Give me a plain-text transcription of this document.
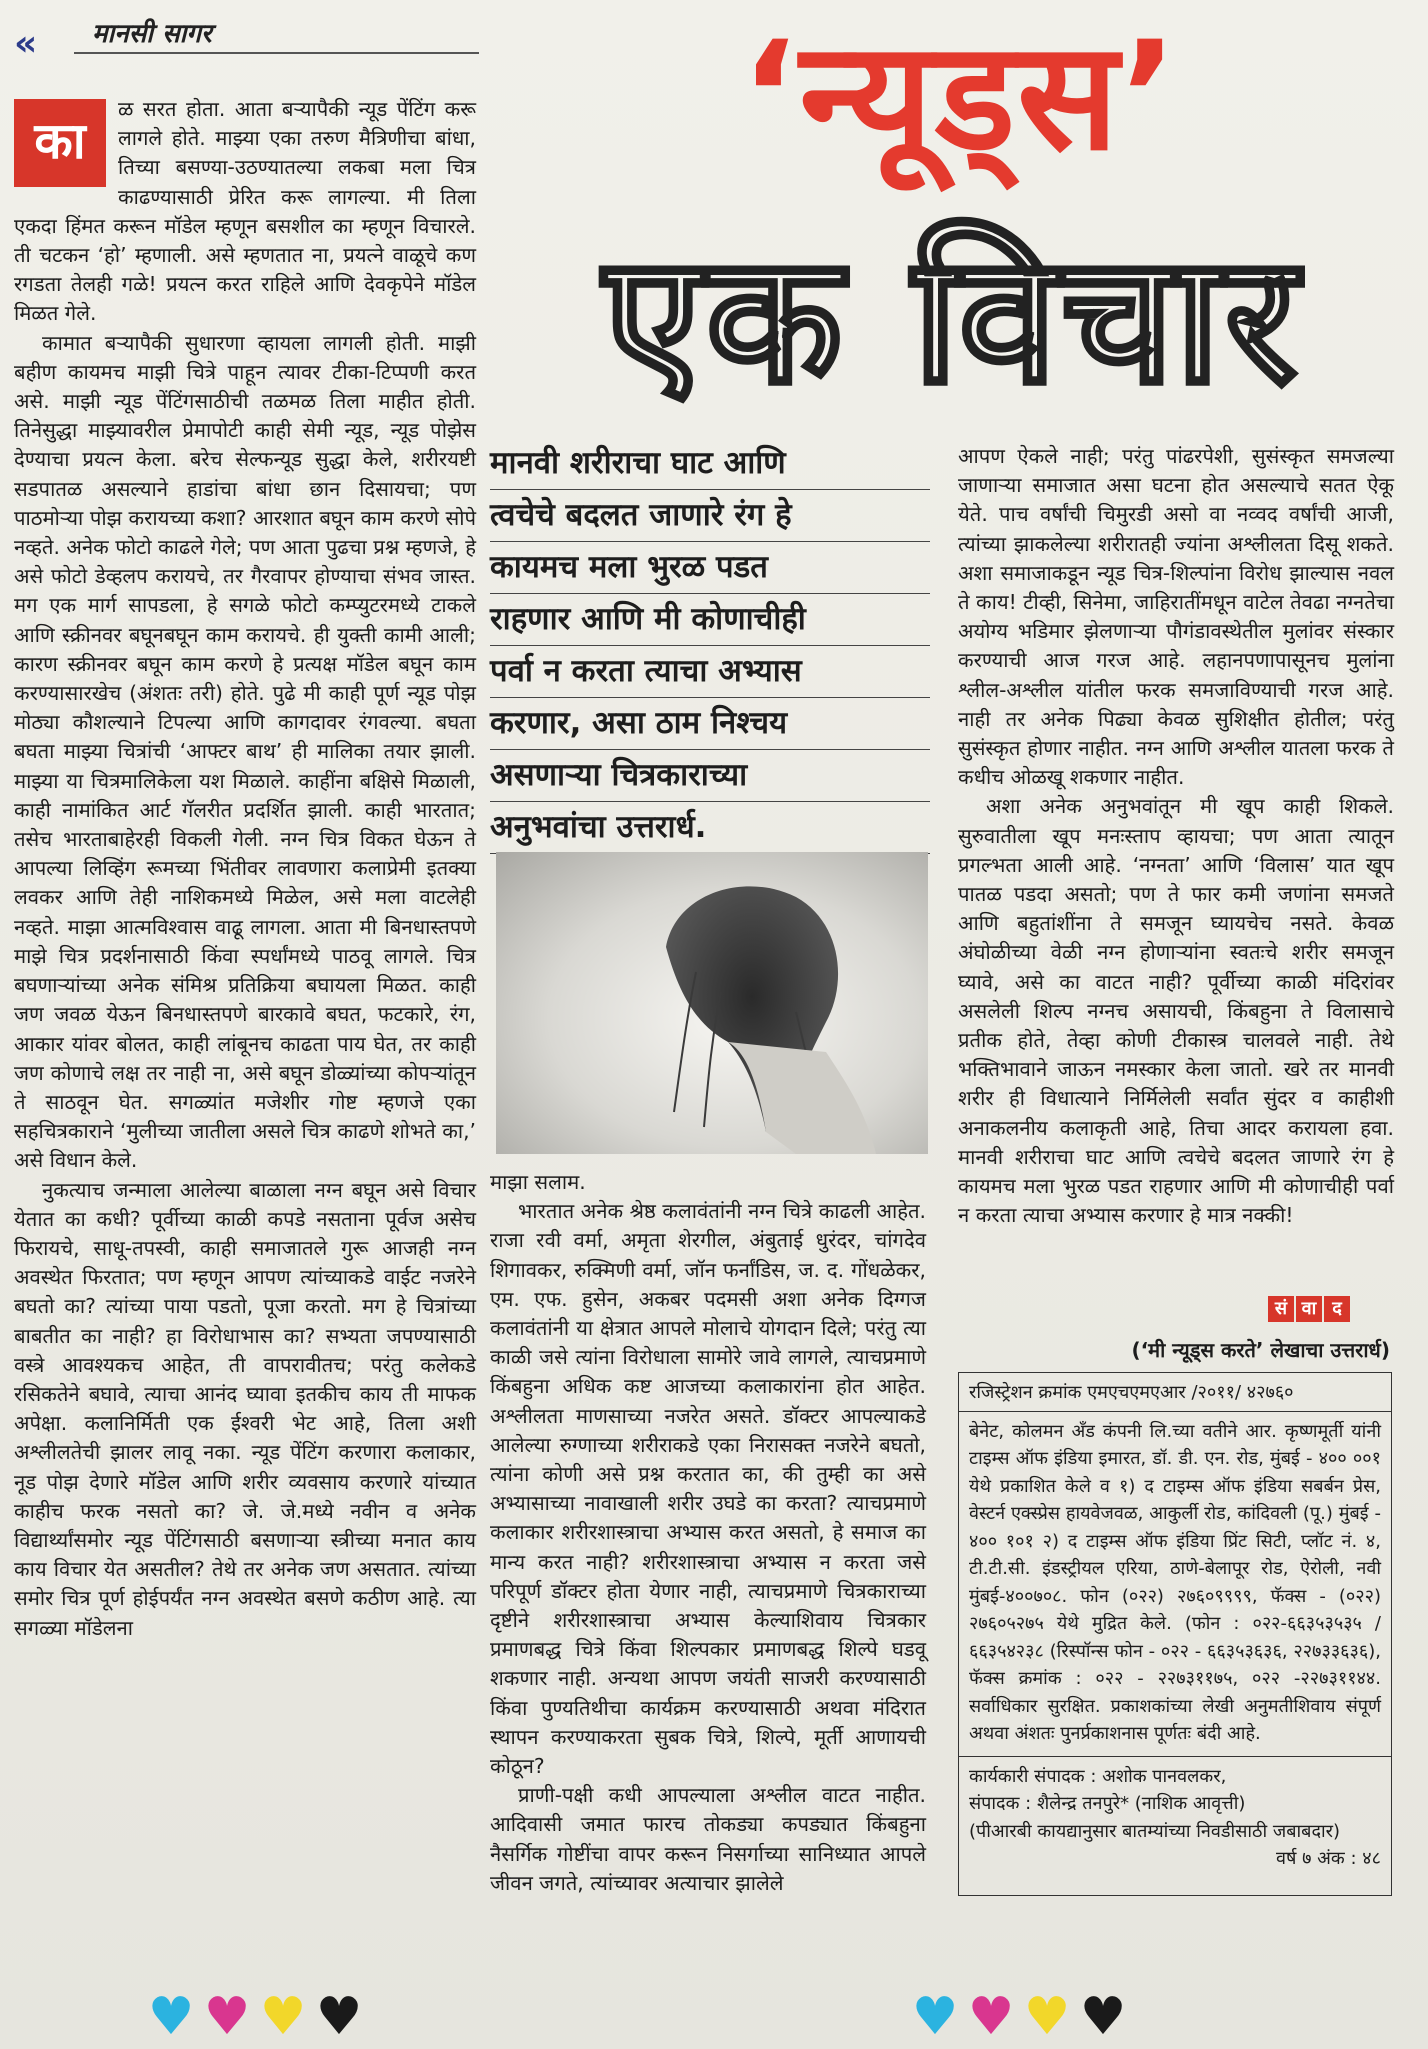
« मानसी सागर	‘न्यूड्स’
एक विचार
का

ळ सरत होता. आता बऱ्यापैकी न्यूड पेंटिंग करू लागले होते. माझ्या एका तरुण मैत्रिणीचा बांधा, तिच्या बसण्या-उठण्यातल्या लकबा मला चित्र काढण्यासाठी प्रेरित करू लागल्या. मी तिला एकदा हिंमत करून मॉडेल म्हणून बसशील का म्हणून विचारले. ती चटकन ‘हो’ म्हणाली. असे म्हणतात ना, प्रयत्ने वाळूचे कण रगडता तेलही गळे! प्रयत्न करत राहिले आणि देवकृपेने मॉडेल मिळत गेले.

कामात बऱ्यापैकी सुधारणा व्हायला लागली होती. माझी बहीण कायमच माझी चित्रे पाहून त्यावर टीका-टिप्पणी करत असे. माझी न्यूड पेंटिंगसाठीची तळमळ तिला माहीत होती. तिनेसुद्धा माझ्यावरील प्रेमापोटी काही सेमी न्यूड, न्यूड पोझेस देण्याचा प्रयत्न केला. बरेच सेल्फन्यूड सुद्धा केले, शरीरयष्टी सडपातळ असल्याने हाडांचा बांधा छान दिसायचा; पण पाठमोऱ्या पोझ करायच्या कशा? आरशात बघून काम करणे सोपे नव्हते. अनेक फोटो काढले गेले; पण आता पुढचा प्रश्न म्हणजे, हे असे फोटो डेव्हलप करायचे, तर गैरवापर होण्याचा संभव जास्त. मग एक मार्ग सापडला, हे सगळे फोटो कम्प्युटरमध्ये टाकले आणि स्क्रीनवर बघूनबघून काम करायचे. ही युक्ती कामी आली; कारण स्क्रीनवर बघून काम करणे हे प्रत्यक्ष मॉडेल बघून काम करण्यासारखेच (अंशतः तरी) होते. पुढे मी काही पूर्ण न्यूड पोझ मोठ्या कौशल्याने टिपल्या आणि कागदावर रंगवल्या. बघता बघता माझ्या चित्रांची ‘आफ्टर बाथ’ ही मालिका तयार झाली. माझ्या या चित्रमालिकेला यश मिळाले. काहींना बक्षिसे मिळाली, काही नामांकित आर्ट गॅलरीत प्रदर्शित झाली. काही भारतात; तसेच भारताबाहेरही विकली गेली. नग्न चित्र विकत घेऊन ते आपल्या लिव्हिंग रूमच्या भिंतीवर लावणारा कलाप्रेमी इतक्या लवकर आणि तेही नाशिकमध्ये मिळेल, असे मला वाटलेही नव्हते. माझा आत्मविश्वास वाढू लागला. आता मी बिनधास्तपणे माझे चित्र प्रदर्शनासाठी किंवा स्पर्धांमध्ये पाठवू लागले. चित्र बघणाऱ्यांच्या अनेक संमिश्र प्रतिक्रिया बघायला मिळत. काही जण जवळ येऊन बिनधास्तपणे बारकावे बघत, फटकारे, रंग, आकार यांवर बोलत, काही लांबूनच काढता पाय घेत, तर काही जण कोणाचे लक्ष तर नाही ना, असे बघून डोळ्यांच्या कोपऱ्यांतून ते साठवून घेत. सगळ्यांत मजेशीर गोष्ट म्हणजे एका सहचित्रकाराने ‘मुलीच्या जातीला असले चित्र काढणे शोभते का,’ असे विधान केले.

नुकत्याच जन्माला आलेल्या बाळाला नग्न बघून असे विचार येतात का कधी? पूर्वीच्या काळी कपडे नसताना पूर्वज असेच फिरायचे, साधू-तपस्वी, काही समाजातले गुरू आजही नग्न अवस्थेत फिरतात; पण म्हणून आपण त्यांच्याकडे वाईट नजरेने बघतो का? त्यांच्या पाया पडतो, पूजा करतो. मग हे चित्रांच्या बाबतीत का नाही? हा विरोधाभास का? सभ्यता जपण्यासाठी वस्त्रे आवश्यकच आहेत, ती वापरावीतच; परंतु कलेकडे रसिकतेने बघावे, त्याचा आनंद घ्यावा इतकीच काय ती माफक अपेक्षा. कलानिर्मिती एक ईश्वरी भेट आहे, तिला अशी अश्लीलतेची झालर लावू नका. न्यूड पेंटिंग करणारा कलाकार, नूड पोझ देणारे मॉडेल आणि शरीर व्यवसाय करणारे यांच्यात काहीच फरक नसतो का? जे. जे.मध्ये नवीन व अनेक विद्यार्थ्यांसमोर न्यूड पेंटिंगसाठी बसणाऱ्या स्त्रीच्या मनात काय काय विचार येत असतील? तेथे तर अनेक जण असतात. त्यांच्या समोर चित्र पूर्ण होईपर्यंत नग्न अवस्थेत बसणे कठीण आहे. त्या सगळ्या मॉडेलना

मानवी शरीराचा घाट आणि
त्वचेचे बदलत जाणारे रंग हे
कायमच मला भुरळ पडत
राहणार आणि मी कोणाचीही
पर्वा न करता त्याचा अभ्यास
करणार, असा ठाम निश्चय
असणाऱ्या चित्रकाराच्या
अनुभवांचा उत्तरार्ध.

माझा सलाम.

भारतात अनेक श्रेष्ठ कलावंतांनी नग्न चित्रे काढली आहेत. राजा रवी वर्मा, अमृता शेरगील, अंबुताई धुरंदर, चांगदेव शिगावकर, रुक्मिणी वर्मा, जॉन फर्नांडिस, ज. द. गोंधळेकर, एम. एफ. हुसेन, अकबर पदमसी अशा अनेक दिग्गज कलावंतांनी या क्षेत्रात आपले मोलाचे योगदान दिले; परंतु त्या काळी जसे त्यांना विरोधाला सामोरे जावे लागले, त्याचप्रमाणे किंबहुना अधिक कष्ट आजच्या कलाकारांना होत आहेत. अश्लीलता माणसाच्या नजरेत असते. डॉक्टर आपल्याकडे आलेल्या रुग्णाच्या शरीराकडे एका निरासक्त नजरेने बघतो, त्यांना कोणी असे प्रश्न करतात का, की तुम्ही का असे अभ्यासाच्या नावाखाली शरीर उघडे का करता? त्याचप्रमाणे कलाकार शरीरशास्त्राचा अभ्यास करत असतो, हे समाज का मान्य करत नाही? शरीरशास्त्राचा अभ्यास न करता जसे परिपूर्ण डॉक्टर होता येणार नाही, त्याचप्रमाणे चित्रकाराच्या दृष्टीने शरीरशास्त्राचा अभ्यास केल्याशिवाय चित्रकार प्रमाणबद्ध चित्रे किंवा शिल्पकार प्रमाणबद्ध शिल्पे घडवू शकणार नाही. अन्यथा आपण जयंती साजरी करण्यासाठी किंवा पुण्यतिथीचा कार्यक्रम करण्यासाठी अथवा मंदिरात स्थापन करण्याकरता सुबक चित्रे, शिल्पे, मूर्ती आणायची कोठून?

प्राणी-पक्षी कधी आपल्याला अश्लील वाटत नाहीत. आदिवासी जमात फारच तोकड्या कपड्यात किंबहुना नैसर्गिक गोष्टींचा वापर करून निसर्गाच्या सानिध्यात आपले जीवन जगते, त्यांच्यावर अत्याचार झालेले

आपण ऐकले नाही; परंतु पांढरपेशी, सुसंस्कृत समजल्या जाणाऱ्या समाजात असा घटना होत असल्याचे सतत ऐकू येते. पाच वर्षांची चिमुरडी असो वा नव्वद वर्षांची आजी, त्यांच्या झाकलेल्या शरीरातही ज्यांना अश्लीलता दिसू शकते. अशा समाजाकडून न्यूड चित्र-शिल्पांना विरोध झाल्यास नवल ते काय! टीव्ही, सिनेमा, जाहिरातींमधून वाटेल तेवढा नग्नतेचा अयोग्य भडिमार झेलणाऱ्या पौगंडावस्थेतील मुलांवर संस्कार करण्याची आज गरज आहे. लहानपणापासूनच मुलांना श्लील-अश्लील यांतील फरक समजाविण्याची गरज आहे. नाही तर अनेक पिढ्या केवळ सुशिक्षीत होतील; परंतु सुसंस्कृत होणार नाहीत. नग्न आणि अश्लील यातला फरक ते कधीच ओळखू शकणार नाहीत.

अशा अनेक अनुभवांतून मी खूप काही शिकले. सुरुवातीला खूप मनःस्ताप व्हायचा; पण आता त्यातून प्रगल्भता आली आहे. ‘नग्नता’ आणि ‘विलास’ यात खूप पातळ पडदा असतो; पण ते फार कमी जणांना समजते आणि बहुतांशींना ते समजून घ्यायचेच नसते. केवळ अंघोळीच्या वेळी नग्न होणाऱ्यांना स्वतःचे शरीर समजून घ्यावे, असे का वाटत नाही? पूर्वीच्या काळी मंदिरांवर असलेली शिल्प नग्नच असायची, किंबहुना ते विलासाचे प्रतीक होते, तेव्हा कोणी टीकास्त्र चालवले नाही. तेथे भक्तिभावाने जाऊन नमस्कार केला जातो. खरे तर मानवी शरीर ही विधात्याने निर्मिलेली सर्वांत सुंदर व काहीशी अनाकलनीय कलाकृती आहे, तिचा आदर करायला हवा. मानवी शरीराचा घाट आणि त्वचेचे बदलत जाणारे रंग हे कायमच मला भुरळ पडत राहणार आणि मी कोणाचीही पर्वा न करता त्याचा अभ्यास करणार हे मात्र नक्की!

सं वा द
(‘मी न्यूड्स करते’ लेखाचा उत्तरार्ध)
रजिस्ट्रेशन क्रमांक एमएचएमएआर /२०११/ ४२७६०
बेनेट, कोलमन अँड कंपनी लि.च्या वतीने आर. कृष्णमूर्ती यांनी टाइम्स ऑफ इंडिया इमारत, डॉ. डी. एन. रोड, मुंबई - ४०० ००१ येथे प्रकाशित केले व १) द टाइम्स ऑफ इंडिया सबर्बन प्रेस, वेस्टर्न एक्स्प्रेस हायवेजवळ, आकुर्ली रोड, कांदिवली (पू.) मुंबई - ४०० १०१ २) द टाइम्स ऑफ इंडिया प्रिंट सिटी, प्लॉट नं. ४, टी.टी.सी. इंडस्ट्रीयल एरिया, ठाणे-बेलापूर रोड, ऐरोली, नवी मुंबई-४००७०८. फोन (०२२) २७६०९९९९, फॅक्स - (०२२) २७६०५२७५ येथे मुद्रित केले. (फोन : ०२२-६६३५३५३५ / ६६३५४२३८ (रिस्पॉन्स फोन - ०२२ - ६६३५३६३६, २२७३३६३६), फॅक्स क्रमांक : ०२२ - २२७३११७५, ०२२ -२२७३११४४. सर्वाधिकार सुरक्षित. प्रकाशकांच्या लेखी अनुमतीशिवाय संपूर्ण अथवा अंशतः पुनर्प्रकाशनास पूर्णतः बंदी आहे.
कार्यकारी संपादक : अशोक पानवलकर,
संपादक : शैलेन्द्र तनपुरे* (नाशिक आवृत्ती)
(पीआरबी कायद्यानुसार बातम्यांच्या निवडीसाठी जबाबदार)
वर्ष ७ अंक : ४८
♥ ♥ ♥ ♥	♥ ♥ ♥ ♥
